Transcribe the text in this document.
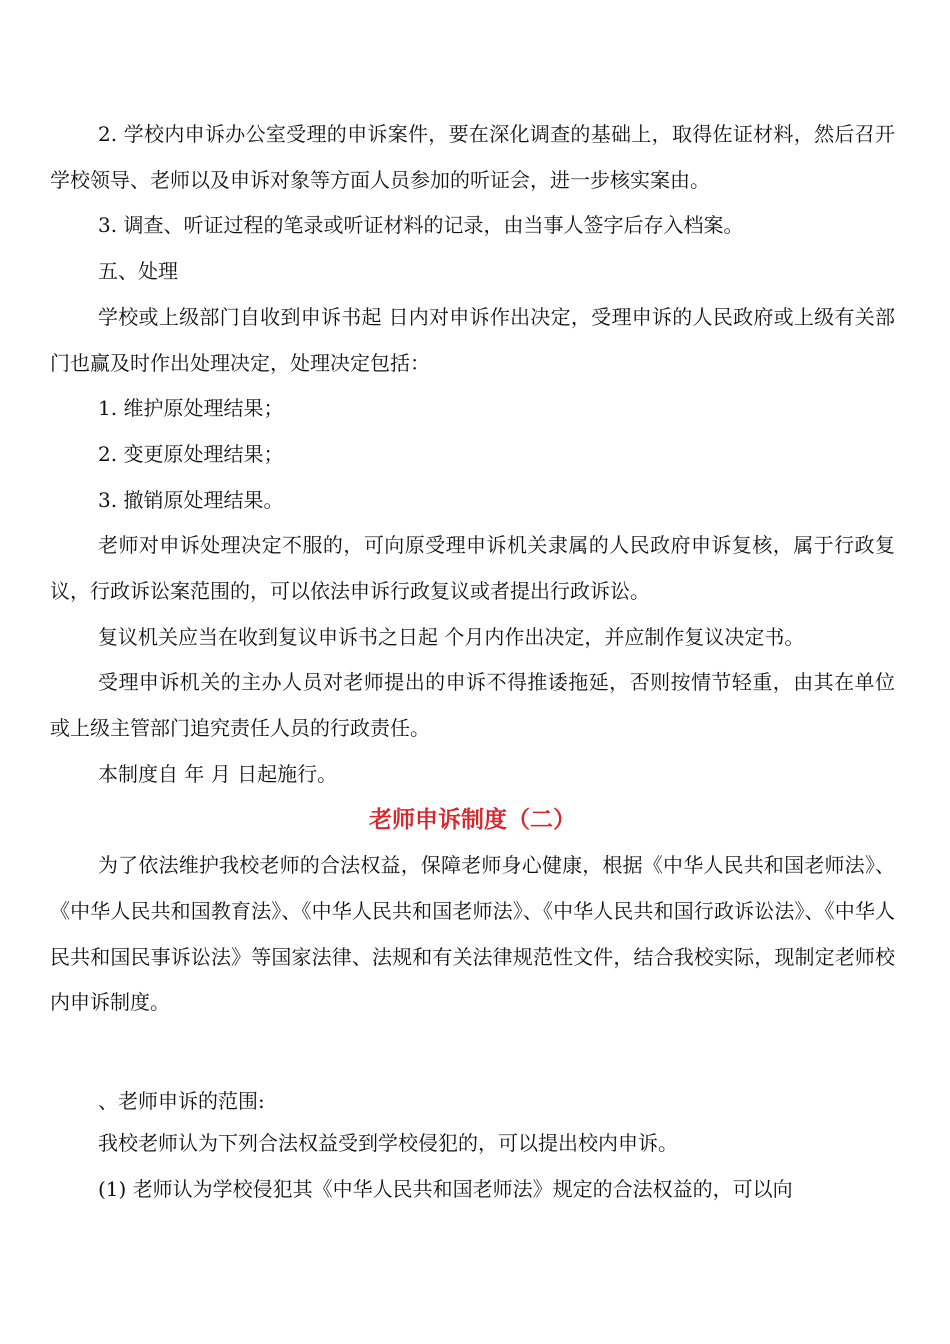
2. 学校内申诉办公室受理的申诉案件，要在深化调查的基础上，取得佐证材料，然后召开学校领导、老师以及申诉对象等方面人员参加的听证会，进一步核实案由。

3. 调查、听证过程的笔录或听证材料的记录，由当事人签字后存入档案。

五、处理

学校或上级部门自收到申诉书起 日内对申诉作出决定，受理申诉的人民政府或上级有关部门也赢及时作出处理决定，处理决定包括：

1. 维护原处理结果；

2. 变更原处理结果；

3. 撤销原处理结果。

老师对申诉处理决定不服的，可向原受理申诉机关隶属的人民政府申诉复核，属于行政复议，行政诉讼案范围的，可以依法申诉行政复议或者提出行政诉讼。

复议机关应当在收到复议申诉书之日起 个月内作出决定，并应制作复议决定书。

受理申诉机关的主办人员对老师提出的申诉不得推诿拖延，否则按情节轻重，由其在单位或上级主管部门追究责任人员的行政责任。

本制度自 年 月 日起施行。

老师申诉制度（二）

为了依法维护我校老师的合法权益，保障老师身心健康，根据《中华人民共和国老师法》、《中华人民共和国教育法》、《中华人民共和国老师法》、《中华人民共和国行政诉讼法》、《中华人民共和国民事诉讼法》等国家法律、法规和有关法律规范性文件，结合我校实际，现制定老师校内申诉制度。

、老师申诉的范围:

我校老师认为下列合法权益受到学校侵犯的，可以提出校内申诉。

(1) 老师认为学校侵犯其《中华人民共和国老师法》规定的合法权益的，可以向
